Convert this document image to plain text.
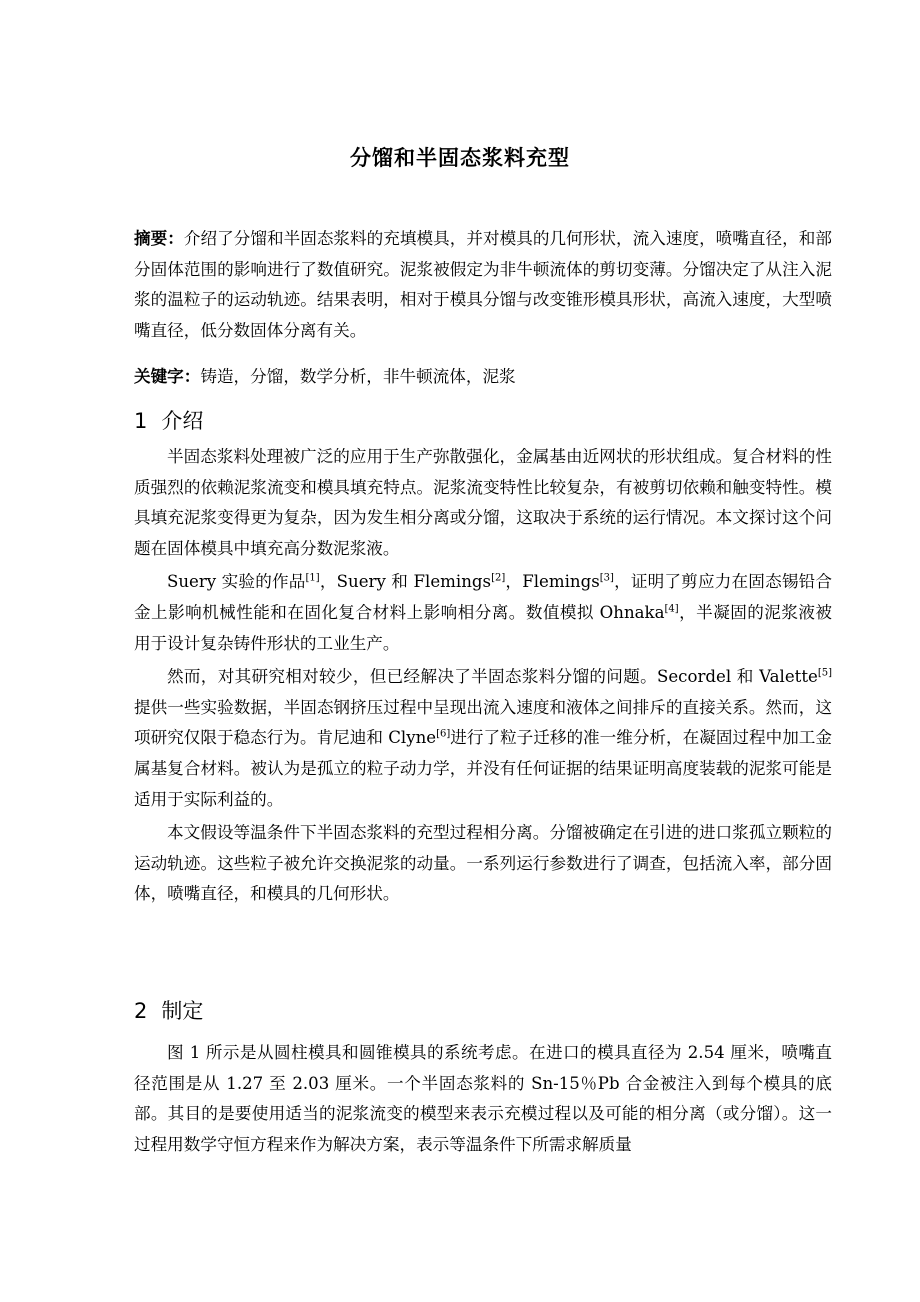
分馏和半固态浆料充型

摘要：介绍了分馏和半固态浆料的充填模具，并对模具的几何形状，流入速度，喷嘴直径，和部分固体范围的影响进行了数值研究。泥浆被假定为非牛顿流体的剪切变薄。分馏决定了从注入泥浆的温粒子的运动轨迹。结果表明，相对于模具分馏与改变锥形模具形状，高流入速度，大型喷嘴直径，低分数固体分离有关。

关键字：铸造，分馏，数学分析，非牛顿流体，泥浆

1 介绍

半固态浆料处理被广泛的应用于生产弥散强化，金属基由近网状的形状组成。复合材料的性质强烈的依赖泥浆流变和模具填充特点。泥浆流变特性比较复杂，有被剪切依赖和触变特性。模具填充泥浆变得更为复杂，因为发生相分离或分馏，这取决于系统的运行情况。本文探讨这个问题在固体模具中填充高分数泥浆液。

Suery 实验的作品[1]，Suery 和 Flemings[2]，Flemings[3]，证明了剪应力在固态锡铅合金上影响机械性能和在固化复合材料上影响相分离。数值模拟 Ohnaka[4]，半凝固的泥浆液被用于设计复杂铸件形状的工业生产。

然而，对其研究相对较少，但已经解决了半固态浆料分馏的问题。Secordel 和 Valette[5]提供一些实验数据，半固态钢挤压过程中呈现出流入速度和液体之间排斥的直接关系。然而，这项研究仅限于稳态行为。肯尼迪和 Clyne[6]进行了粒子迁移的准一维分析，在凝固过程中加工金属基复合材料。被认为是孤立的粒子动力学，并没有任何证据的结果证明高度装载的泥浆可能是适用于实际利益的。

本文假设等温条件下半固态浆料的充型过程相分离。分馏被确定在引进的进口浆孤立颗粒的运动轨迹。这些粒子被允许交换泥浆的动量。一系列运行参数进行了调查，包括流入率，部分固体，喷嘴直径，和模具的几何形状。

2 制定

图 1 所示是从圆柱模具和圆锥模具的系统考虑。在进口的模具直径为 2.54 厘米，喷嘴直径范围是从 1.27 至 2.03 厘米。一个半固态浆料的 Sn-15％Pb 合金被注入到每个模具的底部。其目的是要使用适当的泥浆流变的模型来表示充模过程以及可能的相分离（或分馏）。这一过程用数学守恒方程来作为解决方案，表示等温条件下所需求解质量
